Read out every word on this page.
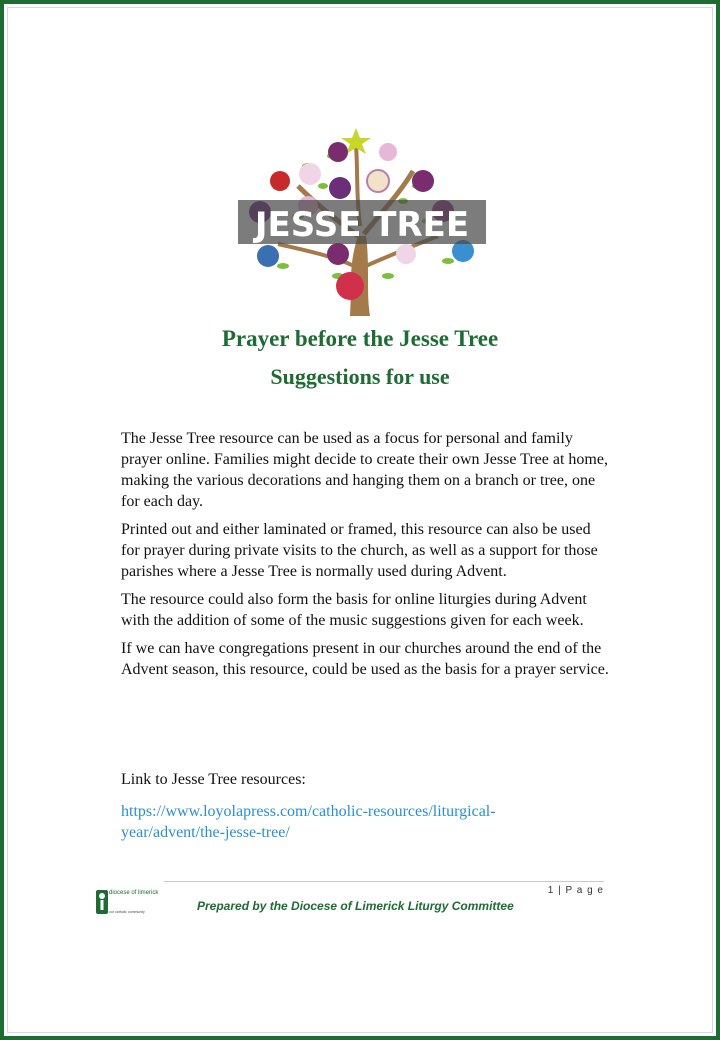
JESSE TREE
Prayer before the Jesse Tree
Suggestions for use

The Jesse Tree resource can be used as a focus for personal and family prayer online. Families might decide to create their own Jesse Tree at home, making the various decorations and hanging them on a branch or tree, one for each day.

Printed out and either laminated or framed, this resource can also be used for prayer during private visits to the church, as well as a support for those parishes where a Jesse Tree is normally used during Advent.

The resource could also form the basis for online liturgies during Advent with the addition of some of the music suggestions given for each week.

If we can have congregations present in our churches around the end of the Advent season, this resource, could be used as the basis for a prayer service.

Link to Jesse Tree resources:
https://www.loyolapress.com/catholic-resources/liturgical-
year/advent/the-jesse-tree/
1 | P a g e
diocese of limerick
our catholic community	Prepared by the Diocese of Limerick Liturgy Committee
